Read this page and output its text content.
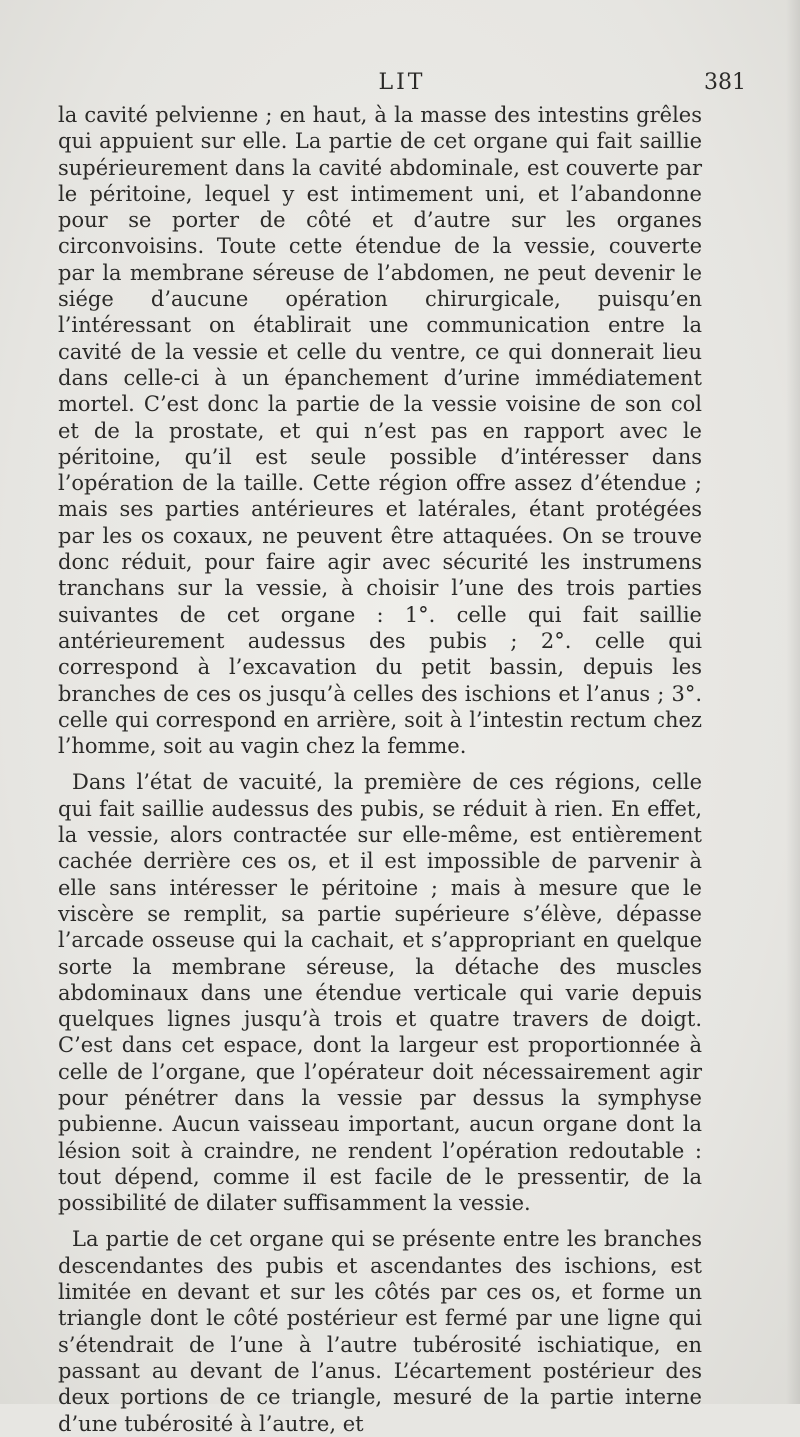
LIT	381

la cavité pelvienne ; en haut, à la masse des intestins grêles qui appuient sur elle. La partie de cet organe qui fait saillie supérieurement dans la cavité abdominale, est couverte par le péritoine, lequel y est intimement uni, et l’abandonne pour se porter de côté et d’autre sur les organes circonvoisins. Toute cette étendue de la vessie, couverte par la membrane séreuse de l’abdomen, ne peut devenir le siége d’aucune opération chirurgicale, puisqu’en l’intéressant on établirait une communication entre la cavité de la vessie et celle du ventre, ce qui donnerait lieu dans celle-ci à un épanchement d’urine immédiatement mortel. C’est donc la partie de la vessie voisine de son col et de la prostate, et qui n’est pas en rapport avec le péritoine, qu’il est seule possible d’intéresser dans l’opération de la taille. Cette région offre assez d’étendue ; mais ses parties antérieures et latérales, étant protégées par les os coxaux, ne peuvent être attaquées. On se trouve donc réduit, pour faire agir avec sécurité les instrumens tranchans sur la vessie, à choisir l’une des trois parties suivantes de cet organe : 1°. celle qui fait saillie antérieurement audessus des pubis ; 2°. celle qui correspond à l’excavation du petit bassin, depuis les branches de ces os jusqu’à celles des ischions et l’anus ; 3°. celle qui correspond en arrière, soit à l’intestin rectum chez l’homme, soit au vagin chez la femme.

Dans l’état de vacuité, la première de ces régions, celle qui fait saillie audessus des pubis, se réduit à rien. En effet, la vessie, alors contractée sur elle-même, est entièrement cachée derrière ces os, et il est impossible de parvenir à elle sans intéresser le péritoine ; mais à mesure que le viscère se remplit, sa partie supérieure s’élève, dépasse l’arcade osseuse qui la cachait, et s’appropriant en quelque sorte la membrane séreuse, la détache des muscles abdominaux dans une étendue verticale qui varie depuis quelques lignes jusqu’à trois et quatre travers de doigt. C’est dans cet espace, dont la largeur est proportionnée à celle de l’organe, que l’opérateur doit nécessairement agir pour pénétrer dans la vessie par dessus la symphyse pubienne. Aucun vaisseau important, aucun organe dont la lésion soit à craindre, ne rendent l’opération redoutable : tout dépend, comme il est facile de le pressentir, de la possibilité de dilater suffisamment la vessie.

La partie de cet organe qui se présente entre les branches descendantes des pubis et ascendantes des ischions, est limitée en devant et sur les côtés par ces os, et forme un triangle dont le côté postérieur est fermé par une ligne qui s’étendrait de l’une à l’autre tubérosité ischiatique, en passant au devant de l’anus. L’écartement postérieur des deux portions de ce triangle, mesuré de la partie interne d’une tubérosité à l’autre, et
